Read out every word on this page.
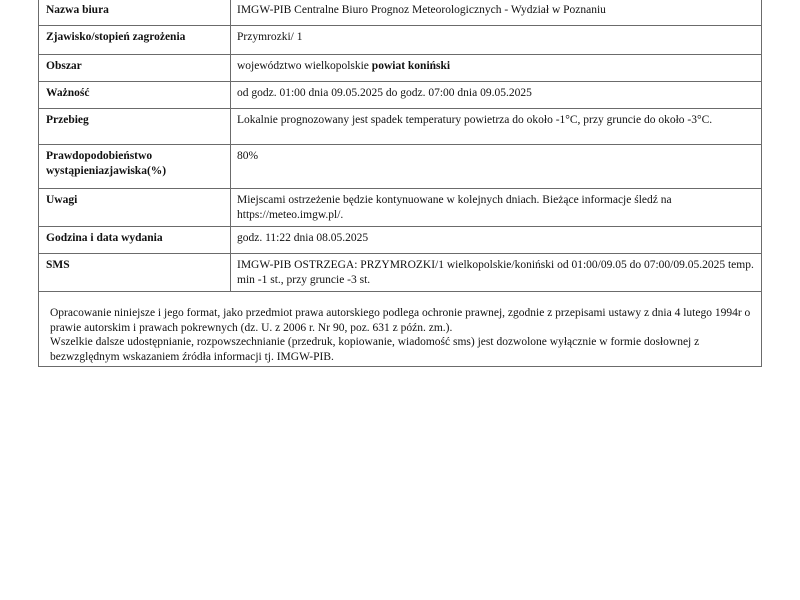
Nazwa biura	IMGW-PIB Centralne Biuro Prognoz Meteorologicznych - Wydział w Poznaniu
Zjawisko/stopień zagrożenia	Przymrozki/ 1
Obszar	województwo wielkopolskie powiat koniński
Ważność	od godz. 01:00 dnia 09.05.2025 do godz. 07:00 dnia 09.05.2025
Przebieg	Lokalnie prognozowany jest spadek temperatury powietrza do około -1°C, przy gruncie do około -3°C.
Prawdopodobieństwo wystąpieniazjawiska(%)	80%
Uwagi	Miejscami ostrzeżenie będzie kontynuowane w kolejnych dniach. Bieżące informacje śledź na https://meteo.imgw.pl/.
Godzina i data wydania	godz. 11:22 dnia 08.05.2025
SMS	IMGW-PIB OSTRZEGA: PRZYMROZKI/1 wielkopolskie/koniński od 01:00/09.05 do 07:00/09.05.2025 temp. min -1 st., przy gruncie -3 st.

Opracowanie niniejsze i jego format, jako przedmiot prawa autorskiego podlega ochronie prawnej, zgodnie z przepisami ustawy z dnia 4 lutego 1994r o prawie autorskim i prawach pokrewnych (dz. U. z 2006 r. Nr 90, poz. 631 z późn. zm.).
Wszelkie dalsze udostępnianie, rozpowszechnianie (przedruk, kopiowanie, wiadomość sms) jest dozwolone wyłącznie w formie dosłownej z bezwzględnym wskazaniem źródła informacji tj. IMGW-PIB.	
